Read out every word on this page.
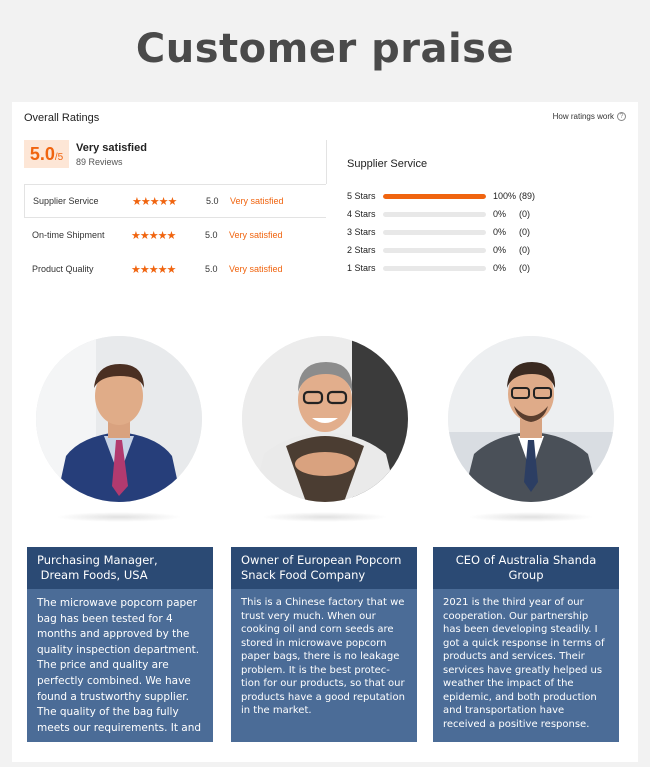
Customer praise
Overall Ratings	How ratings work ?
5.0/5
Very satisfied
89 Reviews
Supplier Service	★★★★★	5.0	Very satisfied
On-time Shipment	★★★★★	5.0	Very satisfied
Product Quality	★★★★★	5.0	Very satisfied
Supplier Service
5 Stars	100% (89)
4 Stars	0%	(0)
3 Stars	0%	(0)
2 Stars	0%	(0)
1 Stars	0%	(0)
Purchasing Manager,
Dream Foods, USA
The microwave popcorn paper bag has been tested for 4 months and approved by the quality inspection department. The price and quality are perfectly combined. We have found a trustworthy supplier. The quality of the bag fully meets our requirements. It and
Owner of European Popcorn
Snack Food Company
This is a Chinese factory that we trust very much. When our cooking oil and corn seeds are stored in microwave popcorn paper bags, there is no leakage problem. It is the best protec-tion for our products, so that our products have a good reputation in the market.
CEO of Australia Shanda Group
2021 is the third year of our cooperation. Our partnership has been developing steadily. I got a quick response in terms of products and services. Their services have greatly helped us weather the impact of the epidemic, and both production and transportation have received a positive response.
